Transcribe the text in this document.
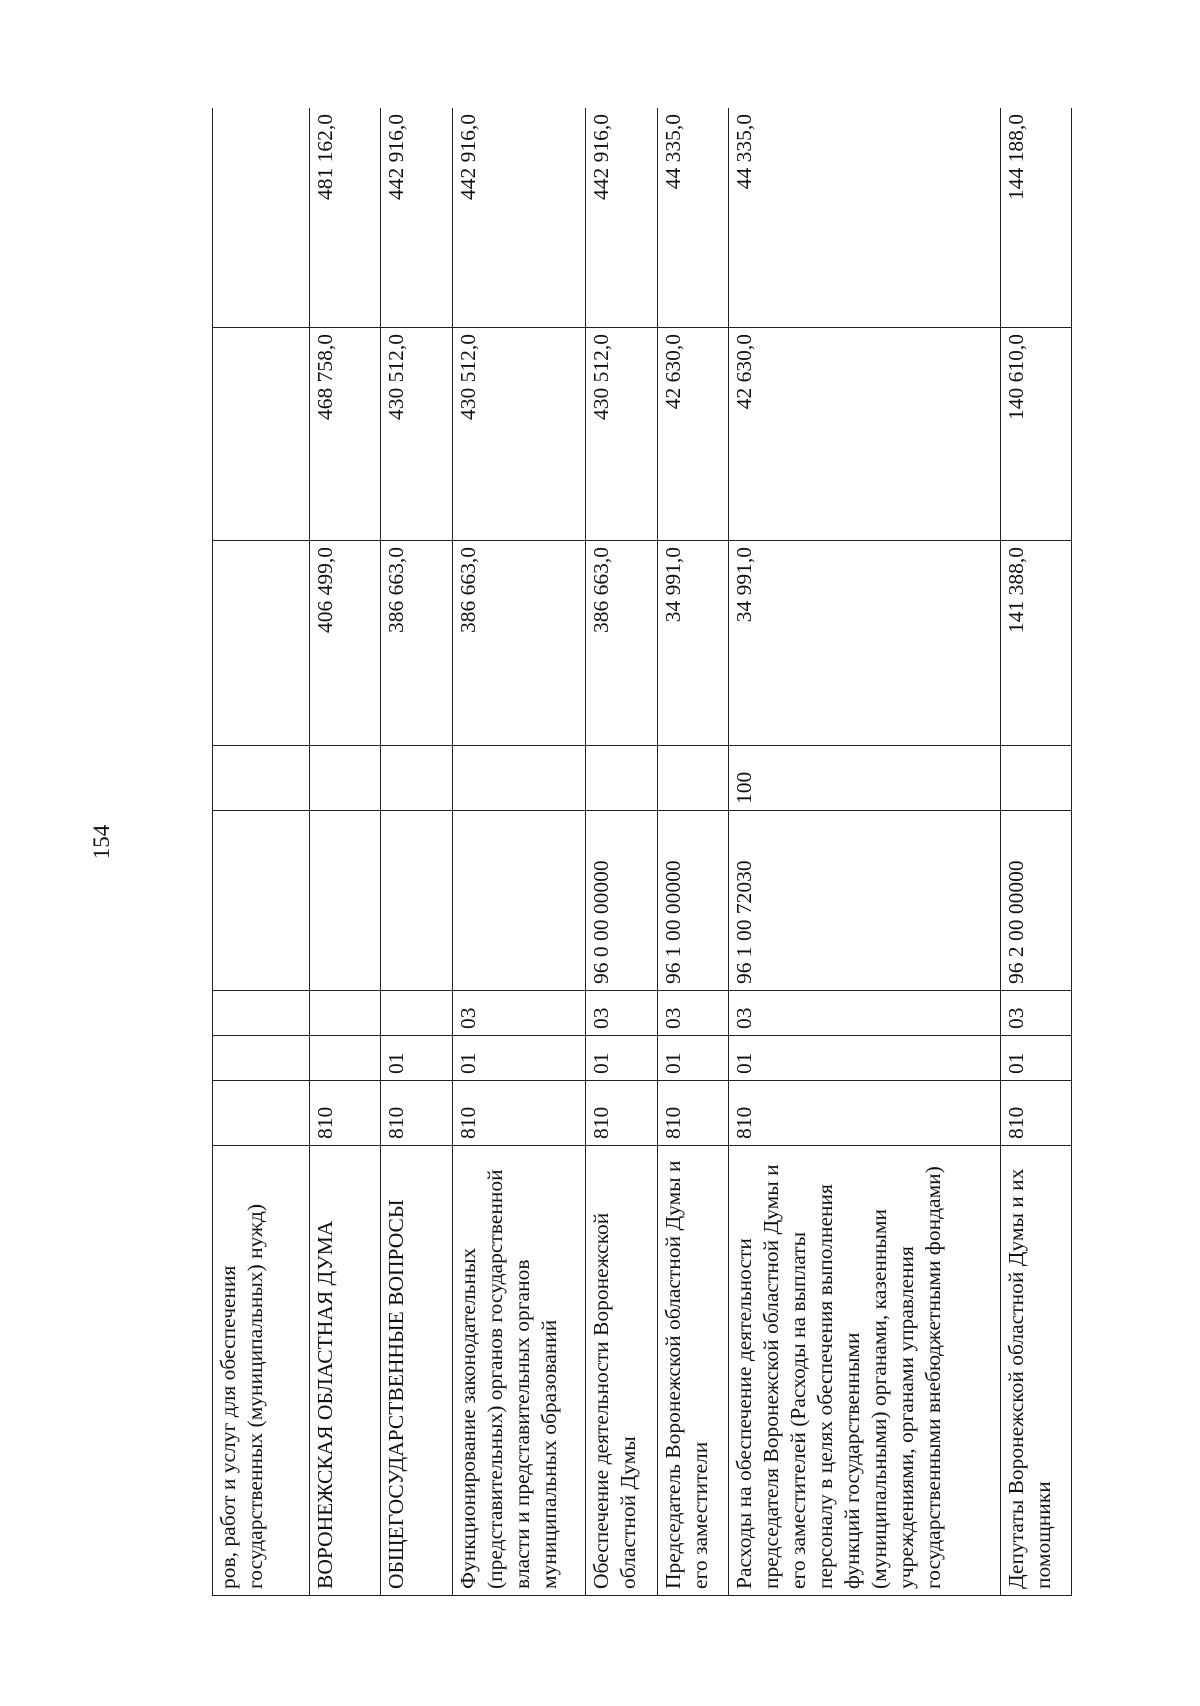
154
ров, работ и услуг для обеспечения государственных (муниципальных) нужд)								
ВОРОНЕЖСКАЯ ОБЛАСТНАЯ ДУМА	810					406 499,0	468 758,0	481 162,0
ОБЩЕГОСУДАРСТВЕННЫЕ ВОПРОСЫ	810	01				386 663,0	430 512,0	442 916,0
Функционирование законодательных (представительных) органов государственной власти и представительных органов муниципальных образований	810	01	03			386 663,0	430 512,0	442 916,0
Обеспечение деятельности Воронежской областной Думы	810	01	03	96 0 00 00000		386 663,0	430 512,0	442 916,0
Председатель Воронежской областной Думы и его заместители	810	01	03	96 1 00 00000		34 991,0	42 630,0	44 335,0
Расходы на обеспечение деятельности председателя Воронежской областной Думы и его заместителей (Расходы на выплаты персоналу в целях обеспечения выполнения функций государственными (муниципальными) органами, казенными учреждениями, органами управления государственными внебюджетными фондами)	810	01	03	96 1 00 72030	100	34 991,0	42 630,0	44 335,0
Депутаты Воронежской областной Думы и их помощники	810	01	03	96 2 00 00000		141 388,0	140 610,0	144 188,0
